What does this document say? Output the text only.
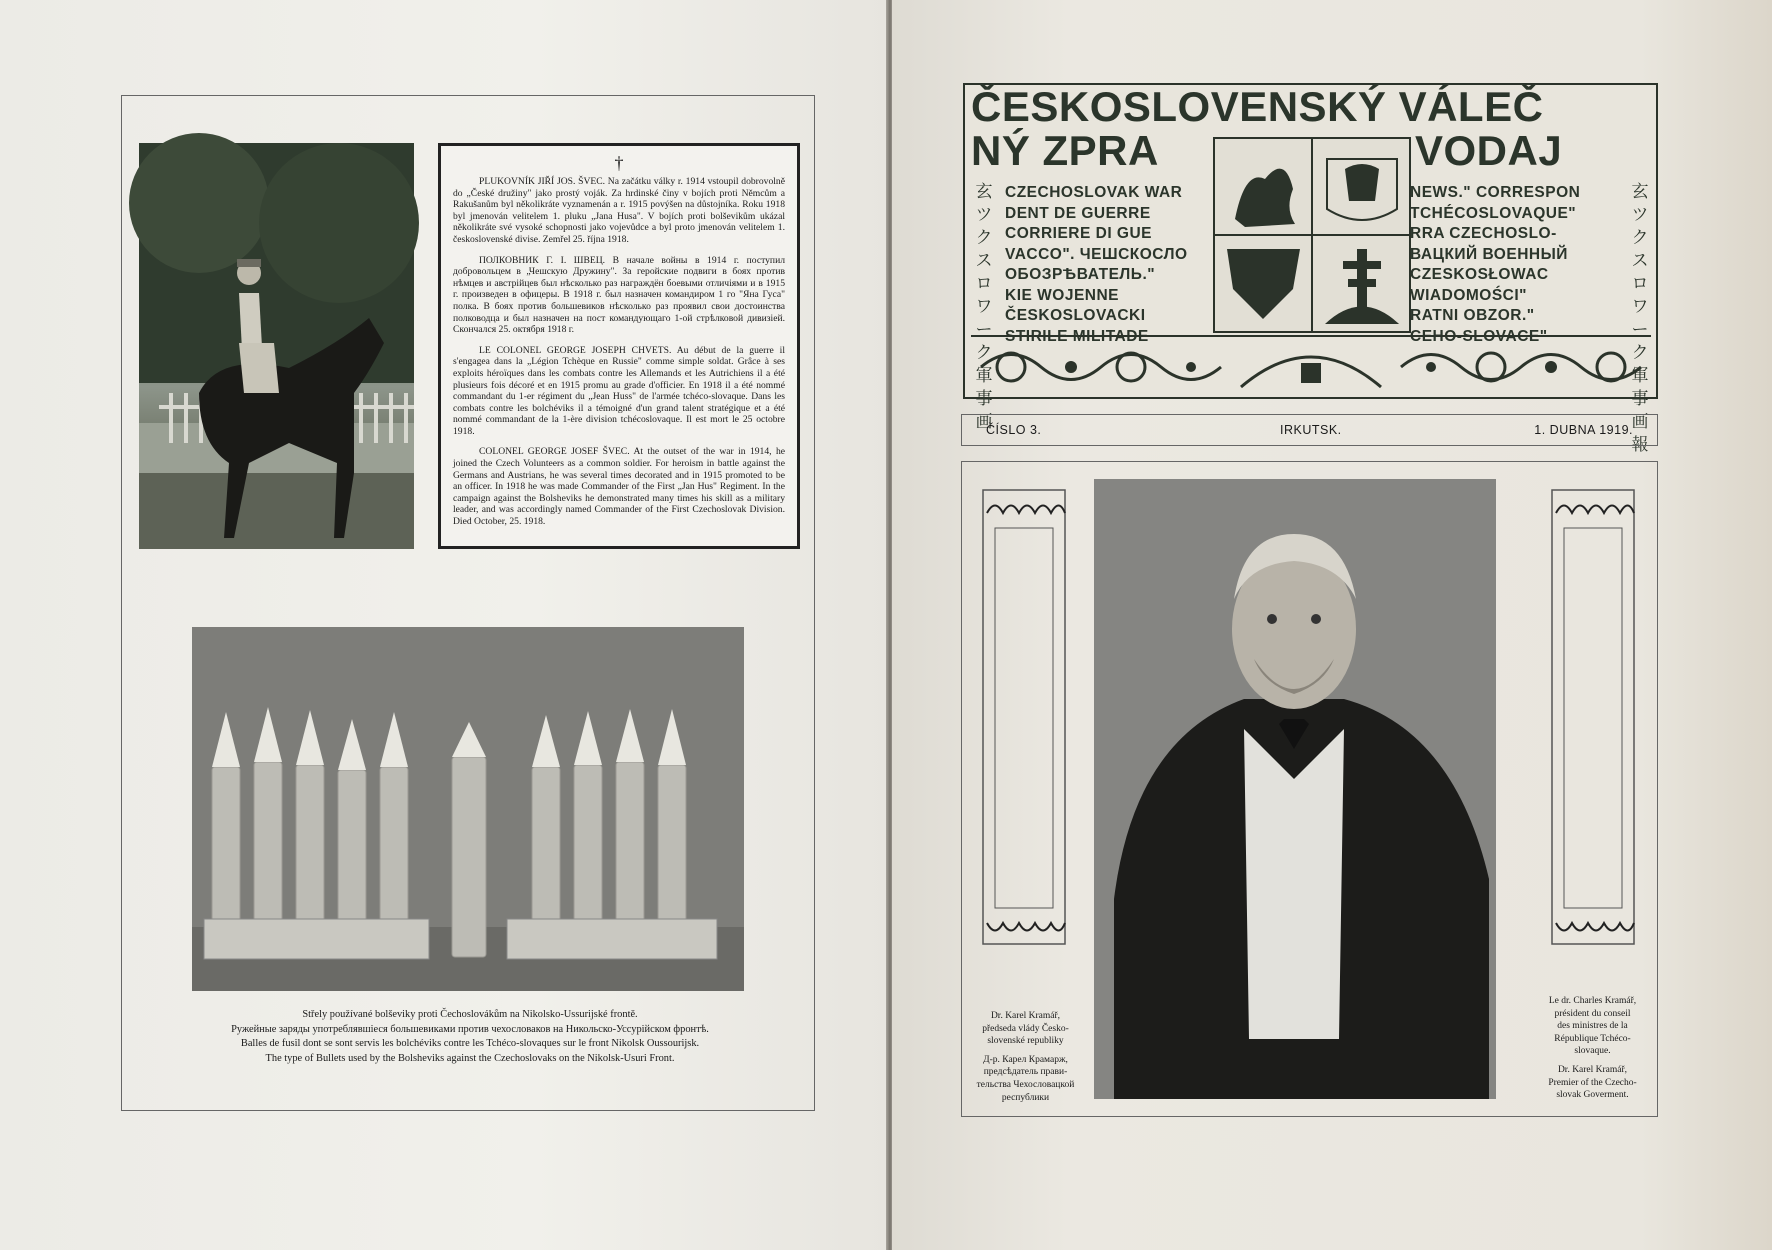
†

PLUKOVNÍK JIŘÍ JOS. ŠVEC. Na začátku války r. 1914 vstoupil dobrovolně do „České družiny" jako prostý voják. Za hrdinské činy v bojích proti Němcům a Rakušanům byl několikráte vyznamenán a r. 1915 povýšen na důstojníka. Roku 1918 byl jmenován velitelem 1. pluku „Jana Husa". V bojích proti bolševikům ukázal několikráte své vysoké schopnosti jako vojevůdce a byl proto jmenován velitelem 1. československé divise. Zemřel 25. října 1918.

ПОЛКОВНИК Г. I. ШВЕЦ. В начале войны в 1914 г. поступил добровольцем в „Чешскую Дружину". За геройские подвиги в боях против нѣмцев и австрійцев был нѣсколько раз награждён боевыми отличіями и в 1915 г. произведен в офицеры. В 1918 г. был назначен командиром 1 го "Яна Гуса" полка. В боях против большевиков нѣсколько раз проявил свои достоинства полководца и был назначен на пост командующаго 1-ой стрѣлковой дивизіей. Скончался 25. октября 1918 г.

LE COLONEL GEORGE JOSEPH CHVETS. Au début de la guerre il s'engagea dans la „Légion Tchèque en Russie" comme simple soldat. Grâce à ses exploits héroïques dans les combats contre les Allemands et les Autrichiens il a été plusieurs fois décoré et en 1915 promu au grade d'officier. En 1918 il a été nommé commandant du 1-er régiment du „Jean Huss" de l'armée tchéco-slovaque. Dans les combats contre les bolchéviks il a témoigné d'un grand talent stratégique et a été nommé commandant de la 1-ère division tchécoslovaque. Il est mort le 25 octobre 1918.

COLONEL GEORGE JOSEF ŠVEC. At the outset of the war in 1914, he joined the Czech Volunteers as a common soldier. For heroism in battle against the Germans and Austrians, he was several times decorated and in 1915 promoted to be an officer. In 1918 he was made Commander of the First „Jan Hus" Regiment. In the campaign against the Bolsheviks he demonstrated many times his skill as a military leader, and was accordingly named Commander of the First Czechoslovak Division. Died October, 25. 1918.

Střely používané bolševiky proti Čechoslovákům na Nikolsko-Ussurijské frontě.
Ружейные заряды употреблявшіеся большевиками против чехословаков на Никольско-Уссурійском фронтѣ.
Balles de fusil dont se sont servis les bolchéviks contre les Tchéco-slovaques sur le front Nikolsk Oussourijsk.
The type of Bullets used by the Bolsheviks against the Czechoslovaks on the Nikolsk-Usuri Front.
ČESKOSLOVENSKÝ VÁLEČ
NÝ ZPRA	VODAJ
玄ツクスロワーク軍事画
玄ツクスロワーク軍事画報
CZECHOSLOVAK WAR
DENT DE GUERRE
CORRIERE DI GUE
VACCO". ЧЕШСКОСЛО
ОБОЗРѢВАТЕЛЬ."
KIE WOJENNE
ČESKOSLOVACKI
STIRILE MILITADE
NEWS." CORRESPON
TCHÉCOSLOVAQUE"
RRA CZECHOSLO-
ВАЦКИЙ ВОЕННЫЙ
CZESKOSŁOWAC
WIADOMOŚCI"
RATNI OBZOR."
CEHO-SLOVACE"
ČÍSLO 3.	IRKUTSK.	1. DUBNA 1919.
Dr. Karel Kramář,
předseda vlády Česko-
slovenské republiky
Д-р. Карел Крамарж,
предсѣдатель прави-
тельства Чехословацкой
республики
Le dr. Charles Kramář,
président du conseil
des ministres de la
République Tchéco-
slovaque.
Dr. Karel Kramář,
Premier of the Czecho-
slovak Goverment.
